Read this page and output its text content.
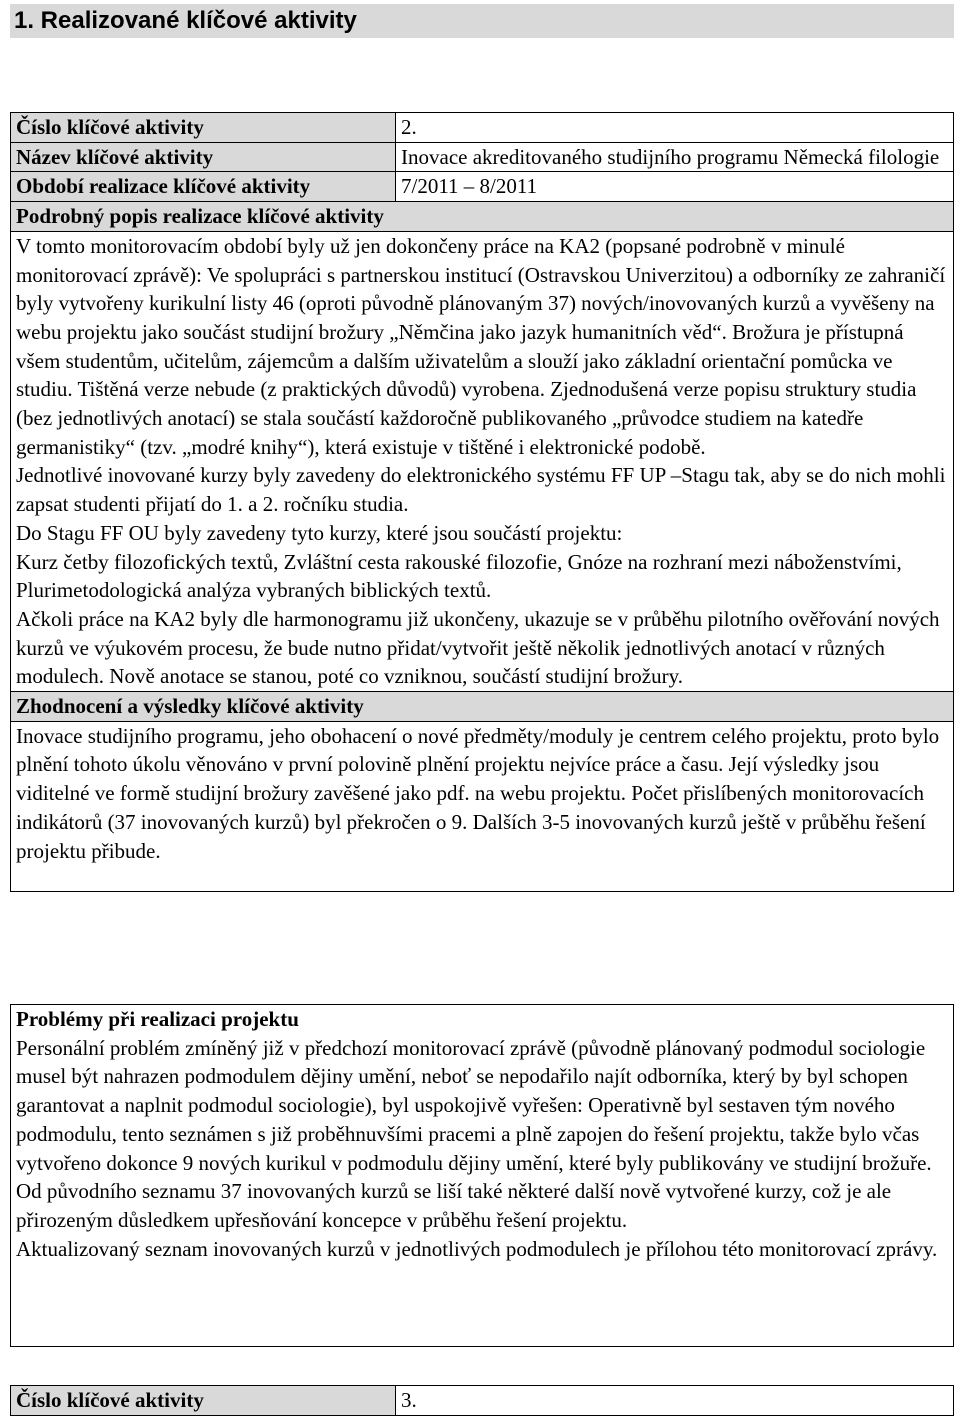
1. Realizované klíčové aktivity
Číslo klíčové aktivity	2.
Název klíčové aktivity	Inovace akreditovaného studijního programu Německá filologie
Období realizace klíčové aktivity	7/2011 – 8/2011
Podrobný popis realizace klíčové aktivity	

V tomto monitorovacím období byly už jen dokončeny práce na KA2 (popsané podrobně v minulé monitorovací zprávě): Ve spolupráci s partnerskou institucí (Ostravskou Univerzitou) a odborníky ze zahraničí byly vytvořeny kurikulní listy 46 (oproti původně plánovaným 37) nových/inovovaných kurzů a vyvěšeny na webu projektu jako součást studijní brožury „Němčina jako jazyk humanitních věd“. Brožura je přístupná všem studentům, učitelům, zájemcům a dalším uživatelům a slouží jako základní orientační pomůcka ve studiu. Tištěná verze nebude (z praktických důvodů) vyrobena. Zjednodušená verze popisu struktury studia (bez jednotlivých anotací) se stala součástí každoročně publikovaného „průvodce studiem na katedře germanistiky“ (tzv. „modré knihy“), která existuje v tištěné i elektronické podobě.

Jednotlivé inovované kurzy byly zavedeny do elektronického systému FF UP –Stagu tak, aby se do nich mohli zapsat studenti přijatí do 1. a 2. ročníku studia.

Do Stagu FF OU byly zavedeny tyto kurzy, které jsou součástí projektu:

Kurz četby filozofických textů, Zvláštní cesta rakouské filozofie, Gnóze na rozhraní mezi náboženstvími, Plurimetodologická analýza vybraných biblických textů.

Ačkoli práce na KA2 byly dle harmonogramu již ukončeny, ukazuje se v průběhu pilotního ověřování nových kurzů ve výukovém procesu, že bude nutno přidat/vytvořit ještě několik jednotlivých anotací v různých modulech. Nově anotace se stanou, poté co vzniknou, součástí studijní brožury.	

Zhodnocení a výsledky klíčové aktivity	

Inovace studijního programu, jeho obohacení o nové předměty/moduly je centrem celého projektu, proto bylo plnění tohoto úkolu věnováno v první polovině plnění projektu nejvíce práce a času. Její výsledky jsou viditelné ve formě studijní brožury zavěšené jako pdf. na webu projektu. Počet přislíbených monitorovacích indikátorů (37 inovovaných kurzů) byl překročen o 9. Dalších 3-5 inovovaných kurzů ještě v průběhu řešení projektu přibude.	

Problémy při realizaci projektu

Personální problém zmíněný již v předchozí monitorovací zprávě (původně plánovaný podmodul sociologie musel být nahrazen podmodulem dějiny umění, neboť se nepodařilo najít odborníka, který by byl schopen garantovat a naplnit podmodul sociologie), byl uspokojivě vyřešen: Operativně byl sestaven tým nového podmodulu, tento seznámen s již proběhnuvšími pracemi a plně zapojen do řešení projektu, takže bylo včas vytvořeno dokonce 9 nových kurikul v podmodulu dějiny umění, které byly publikovány ve studijní brožuře.

Od původního seznamu 37 inovovaných kurzů se liší také některé další nově vytvořené kurzy, což je ale přirozeným důsledkem upřesňování koncepce v průběhu řešení projektu.

Aktualizovaný seznam inovovaných kurzů v jednotlivých podmodulech je přílohou této monitorovací zprávy.

Číslo klíčové aktivity	3.
